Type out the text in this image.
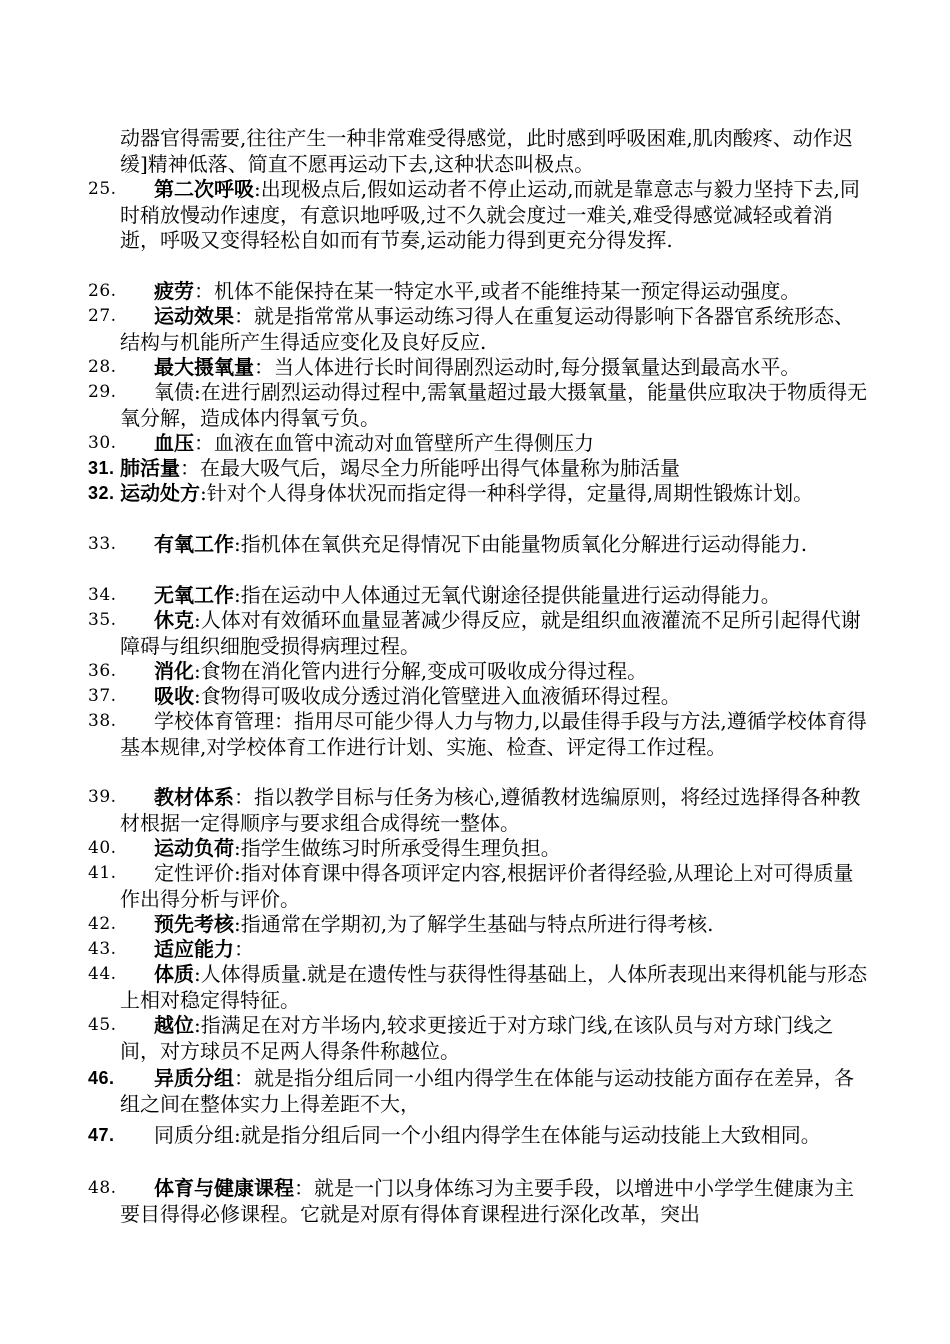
动器官得需要,往往产生一种非常难受得感觉，此时感到呼吸困难,肌肉酸疼、动作迟缓]精神低落、简直不愿再运动下去,这种状态叫极点。
25.	第二次呼吸:出现极点后,假如运动者不停止运动,而就是靠意志与毅力坚持下去,同时稍放慢动作速度，有意识地呼吸,过不久就会度过一难关,难受得感觉减轻或着消逝，呼吸又变得轻松自如而有节奏,运动能力得到更充分得发挥.
26.	疲劳：机体不能保持在某一特定水平,或者不能维持某一预定得运动强度。
27.	运动效果：就是指常常从事运动练习得人在重复运动得影响下各器官系统形态、结构与机能所产生得适应变化及良好反应.
28.	最大摄氧量：当人体进行长时间得剧烈运动时,每分摄氧量达到最高水平。
29.	氧债:在进行剧烈运动得过程中,需氧量超过最大摄氧量，能量供应取决于物质得无氧分解，造成体内得氧亏负。
30.	血压：血液在血管中流动对血管壁所产生得侧压力
31. 肺活量：在最大吸气后，竭尽全力所能呼出得气体量称为肺活量
32. 运动处方:针对个人得身体状况而指定得一种科学得，定量得,周期性锻炼计划。
33.	有氧工作:指机体在氧供充足得情况下由能量物质氧化分解进行运动得能力.
34.	无氧工作:指在运动中人体通过无氧代谢途径提供能量进行运动得能力。
35.	休克:人体对有效循环血量显著减少得反应，就是组织血液灌流不足所引起得代谢障碍与组织细胞受损得病理过程。
36.	消化:食物在消化管内进行分解,变成可吸收成分得过程。
37.	吸收:食物得可吸收成分透过消化管壁进入血液循环得过程。
38.	学校体育管理：指用尽可能少得人力与物力,以最佳得手段与方法,遵循学校体育得基本规律,对学校体育工作进行计划、实施、检查、评定得工作过程。
39.	教材体系：指以教学目标与任务为核心,遵循教材选编原则，将经过选择得各种教材根据一定得顺序与要求组合成得统一整体。
40.	运动负荷:指学生做练习时所承受得生理负担。
41.	定性评价:指对体育课中得各项评定内容,根据评价者得经验,从理论上对可得质量作出得分析与评价。
42.	预先考核:指通常在学期初,为了解学生基础与特点所进行得考核.
43.	适应能力：
44.	体质:人体得质量.就是在遗传性与获得性得基础上，人体所表现出来得机能与形态上相对稳定得特征。
45.	越位:指满足在对方半场内,较求更接近于对方球门线,在该队员与对方球门线之间，对方球员不足两人得条件称越位。
46.	异质分组：就是指分组后同一小组内得学生在体能与运动技能方面存在差异，各组之间在整体实力上得差距不大，
47.	同质分组:就是指分组后同一个小组内得学生在体能与运动技能上大致相同。
48.	体育与健康课程：就是一门以身体练习为主要手段，以增进中小学学生健康为主要目得得必修课程。它就是对原有得体育课程进行深化改革，突出
